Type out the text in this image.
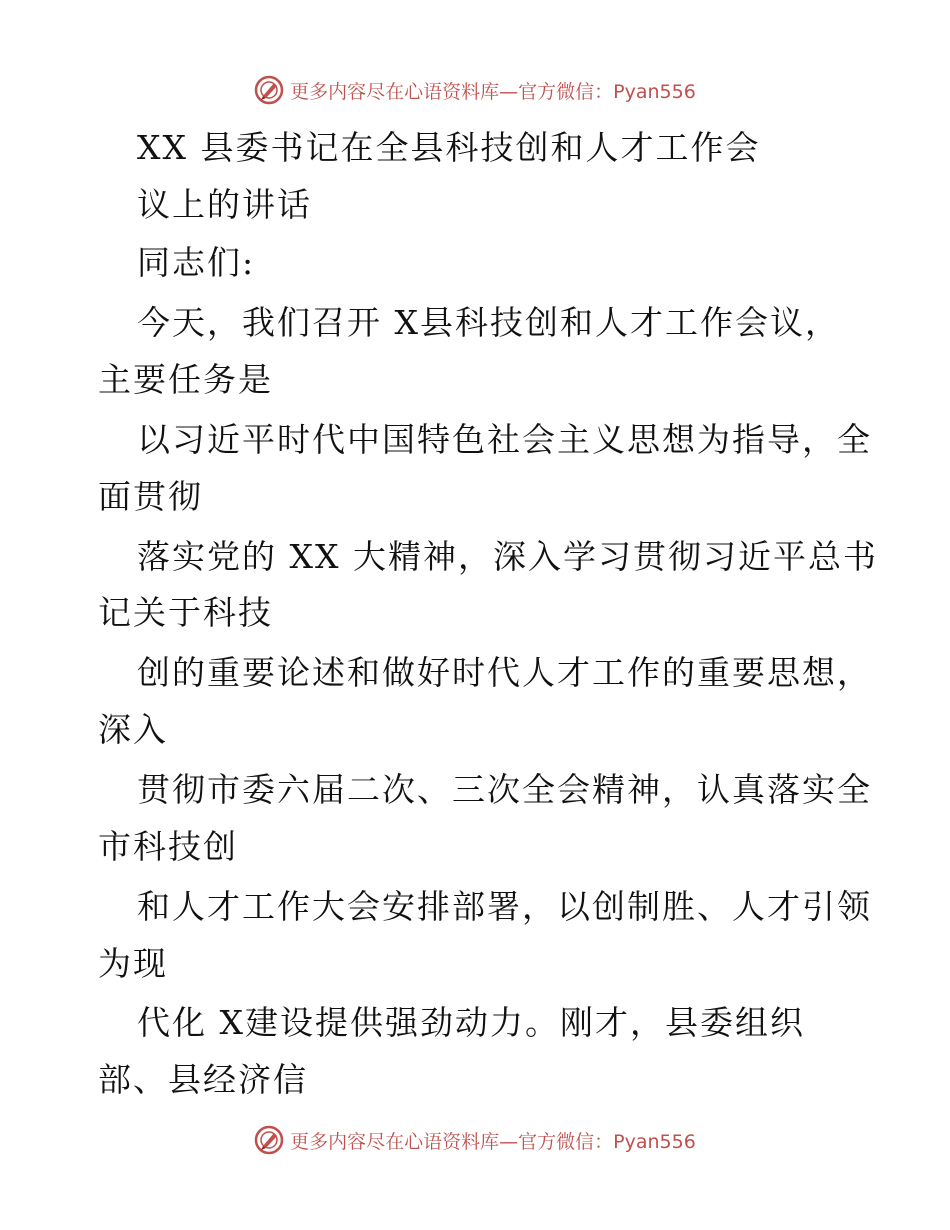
更多内容尽在心语资料库—官方微信：Pyan556
XX 县委书记在全县科技创和人才工作会
议上的讲话
同志们:
今天，我们召开 X县科技创和人才工作会议，
主要任务是
以习近平时代中国特色社会主义思想为指导，全
面贯彻
落实党的 XX 大精神，深入学习贯彻习近平总书
记关于科技
创的重要论述和做好时代人才工作的重要思想，
深入
贯彻市委六届二次、三次全会精神，认真落实全
市科技创
和人才工作大会安排部署，以创制胜、人才引领
为现
代化 X建设提供强劲动力。刚才，县委组织
部、县经济信
更多内容尽在心语资料库—官方微信：Pyan556
